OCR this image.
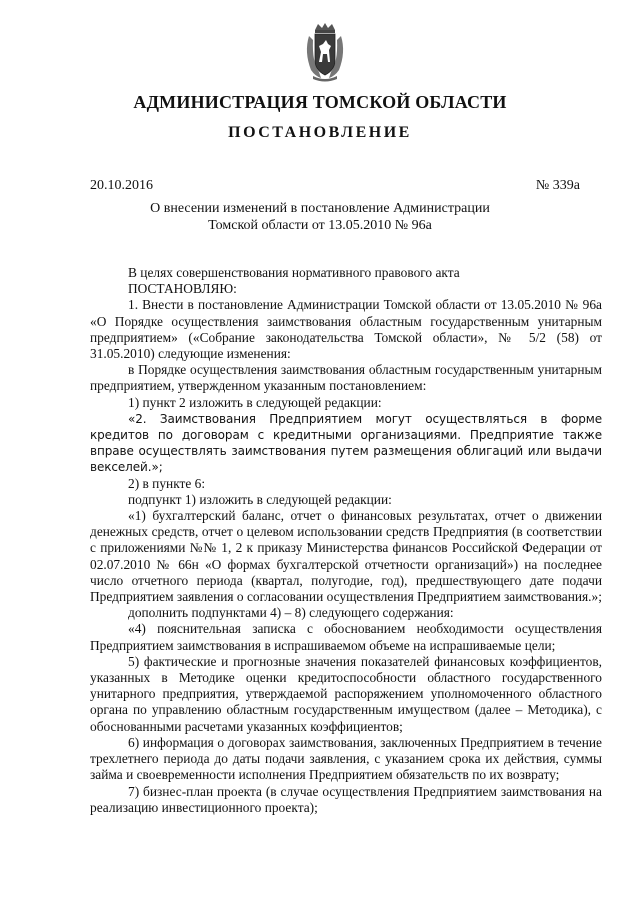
АДМИНИСТРАЦИЯ ТОМСКОЙ ОБЛАСТИ
ПОСТАНОВЛЕНИЕ
20.10.2016	№ 339а
О внесении изменений в постановление Администрации
Томской области от 13.05.2010 № 96а

В целях совершенствования нормативного правового акта

ПОСТАНОВЛЯЮ:

1. Внести в постановление Администрации Томской области от 13.05.2010 № 96а «О Порядке осуществления заимствования областным государственным унитарным предприятием» («Собрание законодательства Томской области», № 5/2 (58) от 31.05.2010) следующие изменения:

в Порядке осуществления заимствования областным государственным унитарным предприятием, утвержденном указанным постановлением:

1) пункт 2 изложить в следующей редакции:

«2. Заимствования Предприятием могут осуществляться в форме кредитов по договорам с кредитными организациями. Предприятие также вправе осуществлять заимствования путем размещения облигаций или выдачи векселей.»;

2) в пункте 6:

подпункт 1) изложить в следующей редакции:

«1) бухгалтерский баланс, отчет о финансовых результатах, отчет о движении денежных средств, отчет о целевом использовании средств Предприятия (в соответствии с приложениями №№ 1, 2 к приказу Министерства финансов Российской Федерации от 02.07.2010 № 66н «О формах бухгалтерской отчетности организаций») на последнее число отчетного периода (квартал, полугодие, год), предшествующего дате подачи Предприятием заявления о согласовании осуществления Предприятием заимствования.»;

дополнить подпунктами 4) – 8) следующего содержания:

«4) пояснительная записка с обоснованием необходимости осуществления Предприятием заимствования в испрашиваемом объеме на испрашиваемые цели;

5) фактические и прогнозные значения показателей финансовых коэффициентов, указанных в Методике оценки кредитоспособности областного государственного унитарного предприятия, утверждаемой распоряжением уполномоченного областного органа по управлению областным государственным имуществом (далее – Методика), с обоснованными расчетами указанных коэффициентов;

6) информация о договорах заимствования, заключенных Предприятием в течение трехлетнего периода до даты подачи заявления, с указанием срока их действия, суммы займа и своевременности исполнения Предприятием обязательств по их возврату;

7) бизнес-план проекта (в случае осуществления Предприятием заимствования на реализацию инвестиционного проекта);
